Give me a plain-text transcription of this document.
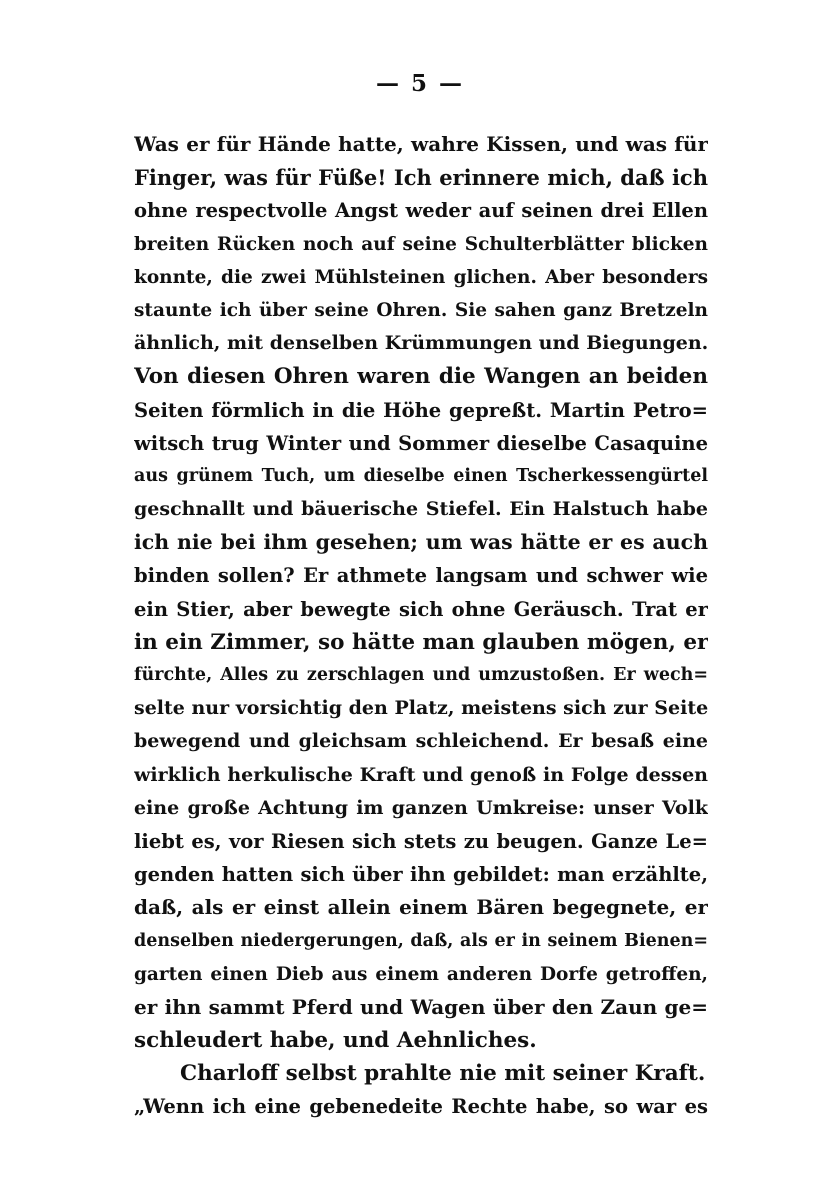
— 5 —
Was er für Hände hatte, wahre Kissen, und was für
Finger, was für Füße! Ich erinnere mich, daß ich
ohne respectvolle Angst weder auf seinen drei Ellen
breiten Rücken noch auf seine Schulterblätter blicken
konnte, die zwei Mühlsteinen glichen. Aber besonders
staunte ich über seine Ohren. Sie sahen ganz Bretzeln
ähnlich, mit denselben Krümmungen und Biegungen.
Von diesen Ohren waren die Wangen an beiden
Seiten förmlich in die Höhe gepreßt. Martin Petro=
witsch trug Winter und Sommer dieselbe Casaquine
aus grünem Tuch, um dieselbe einen Tscherkessengürtel
geschnallt und bäuerische Stiefel. Ein Halstuch habe
ich nie bei ihm gesehen; um was hätte er es auch
binden sollen? Er athmete langsam und schwer wie
ein Stier, aber bewegte sich ohne Geräusch. Trat er
in ein Zimmer, so hätte man glauben mögen, er
fürchte, Alles zu zerschlagen und umzustoßen. Er wech=
selte nur vorsichtig den Platz, meistens sich zur Seite
bewegend und gleichsam schleichend. Er besaß eine
wirklich herkulische Kraft und genoß in Folge dessen
eine große Achtung im ganzen Umkreise: unser Volk
liebt es, vor Riesen sich stets zu beugen. Ganze Le=
genden hatten sich über ihn gebildet: man erzählte,
daß, als er einst allein einem Bären begegnete, er
denselben niedergerungen, daß, als er in seinem Bienen=
garten einen Dieb aus einem anderen Dorfe getroffen,
er ihn sammt Pferd und Wagen über den Zaun ge=
schleudert habe, und Aehnliches.
Charloff selbst prahlte nie mit seiner Kraft.
„Wenn ich eine gebenedeite Rechte habe, so war es
